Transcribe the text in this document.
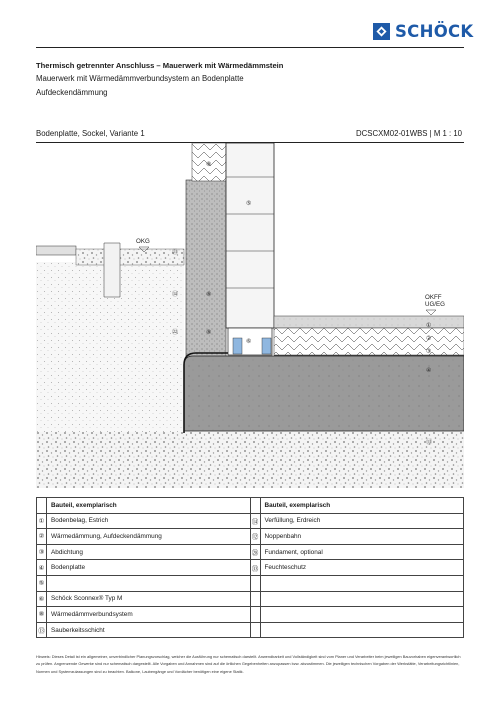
SCHÖCK
Thermisch getrennter Anschluss – Mauerwerk mit Wärmedämmstein
Mauerwerk mit Wärmedämmverbundsystem an Bodenplatte
Aufdeckendämmung
Bodenplatte, Sockel, Variante 1	DCSCXM02-01WBS | M 1 : 10
OKG
OKFF
UG/EG
⑧
⑤
⑬
⑭	⑧
㉒	⑧
⑥
①
②
③
④
⑬
	Bauteil, exemplarisch		Bauteil, exemplarisch
①	Bodenbelag, Estrich	⑭	Verfüllung, Erdreich
②	Wärmedämmung, Aufdeckendämmung	⑫	Noppenbahn
③	Abdichtung	㉘	Fundament, optional
④	Bodenplatte	㉝	Feuchteschutz
⑤			
⑥	Schöck Sconnex® Typ M		
⑧	Wärmedämmverbundsystem		
⑬	Sauberkeitsschicht		
Hinweis: Dieses Detail ist ein allgemeiner, unverbindlicher Planungsvorschlag, welcher die Ausführung nur schematisch darstellt. Anwendbarkeit und Vollständigkeit sind vom Planer und Verarbeiter beim jeweiligen Bauvorhaben eigenverantwortlich zu prüfen. Angrenzende Gewerke sind nur schematisch dargestellt. Alle Vorgaben und Annahmen sind auf die örtlichen Gegebenheiten anzupassen bzw. abzustimmen. Die jeweiligen technischen Vorgaben der Werkstätte, Verarbeitungsrichtlinien, Normen und Systemzulassungen sind zu beachten. Balkone, Laubengänge und Vordächer benötigen eine eigene Statik.
